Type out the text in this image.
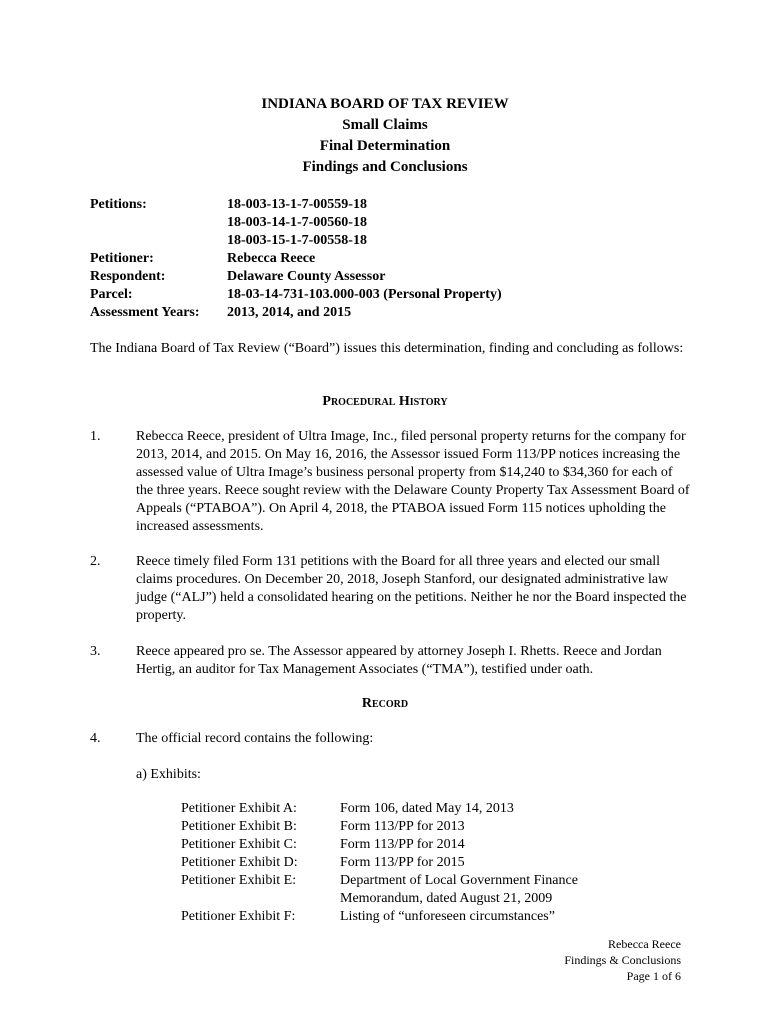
INDIANA BOARD OF TAX REVIEW
Small Claims
Final Determination
Findings and Conclusions
Petitions:	18-003-13-1-7-00559-18
18-003-14-1-7-00560-18
18-003-15-1-7-00558-18
Petitioner:	Rebecca Reece
Respondent:	Delaware County Assessor
Parcel:	18-03-14-731-103.000-003 (Personal Property)
Assessment Years:	2013, 2014, and 2015
The Indiana Board of Tax Review (“Board”) issues this determination, finding and concluding as follows:
Procedural History
1.	Rebecca Reece, president of Ultra Image, Inc., filed personal property returns for the company for 2013, 2014, and 2015. On May 16, 2016, the Assessor issued Form 113/PP notices increasing the assessed value of Ultra Image’s business personal property from $14,240 to $34,360 for each of the three years. Reece sought review with the Delaware County Property Tax Assessment Board of Appeals (“PTABOA”). On April 4, 2018, the PTABOA issued Form 115 notices upholding the increased assessments.
2.	Reece timely filed Form 131 petitions with the Board for all three years and elected our small claims procedures. On December 20, 2018, Joseph Stanford, our designated administrative law judge (“ALJ”) held a consolidated hearing on the petitions. Neither he nor the Board inspected the property.
3.	Reece appeared pro se. The Assessor appeared by attorney Joseph I. Rhetts. Reece and Jordan Hertig, an auditor for Tax Management Associates (“TMA”), testified under oath.
Record
4.	The official record contains the following:
a) Exhibits:
Petitioner Exhibit A:	Form 106, dated May 14, 2013
Petitioner Exhibit B:	Form 113/PP for 2013
Petitioner Exhibit C:	Form 113/PP for 2014
Petitioner Exhibit D:	Form 113/PP for 2015
Petitioner Exhibit E:	Department of Local Government Finance Memorandum, dated August 21, 2009
Petitioner Exhibit F:	Listing of “unforeseen circumstances”
Rebecca Reece
Findings & Conclusions
Page 1 of 6
